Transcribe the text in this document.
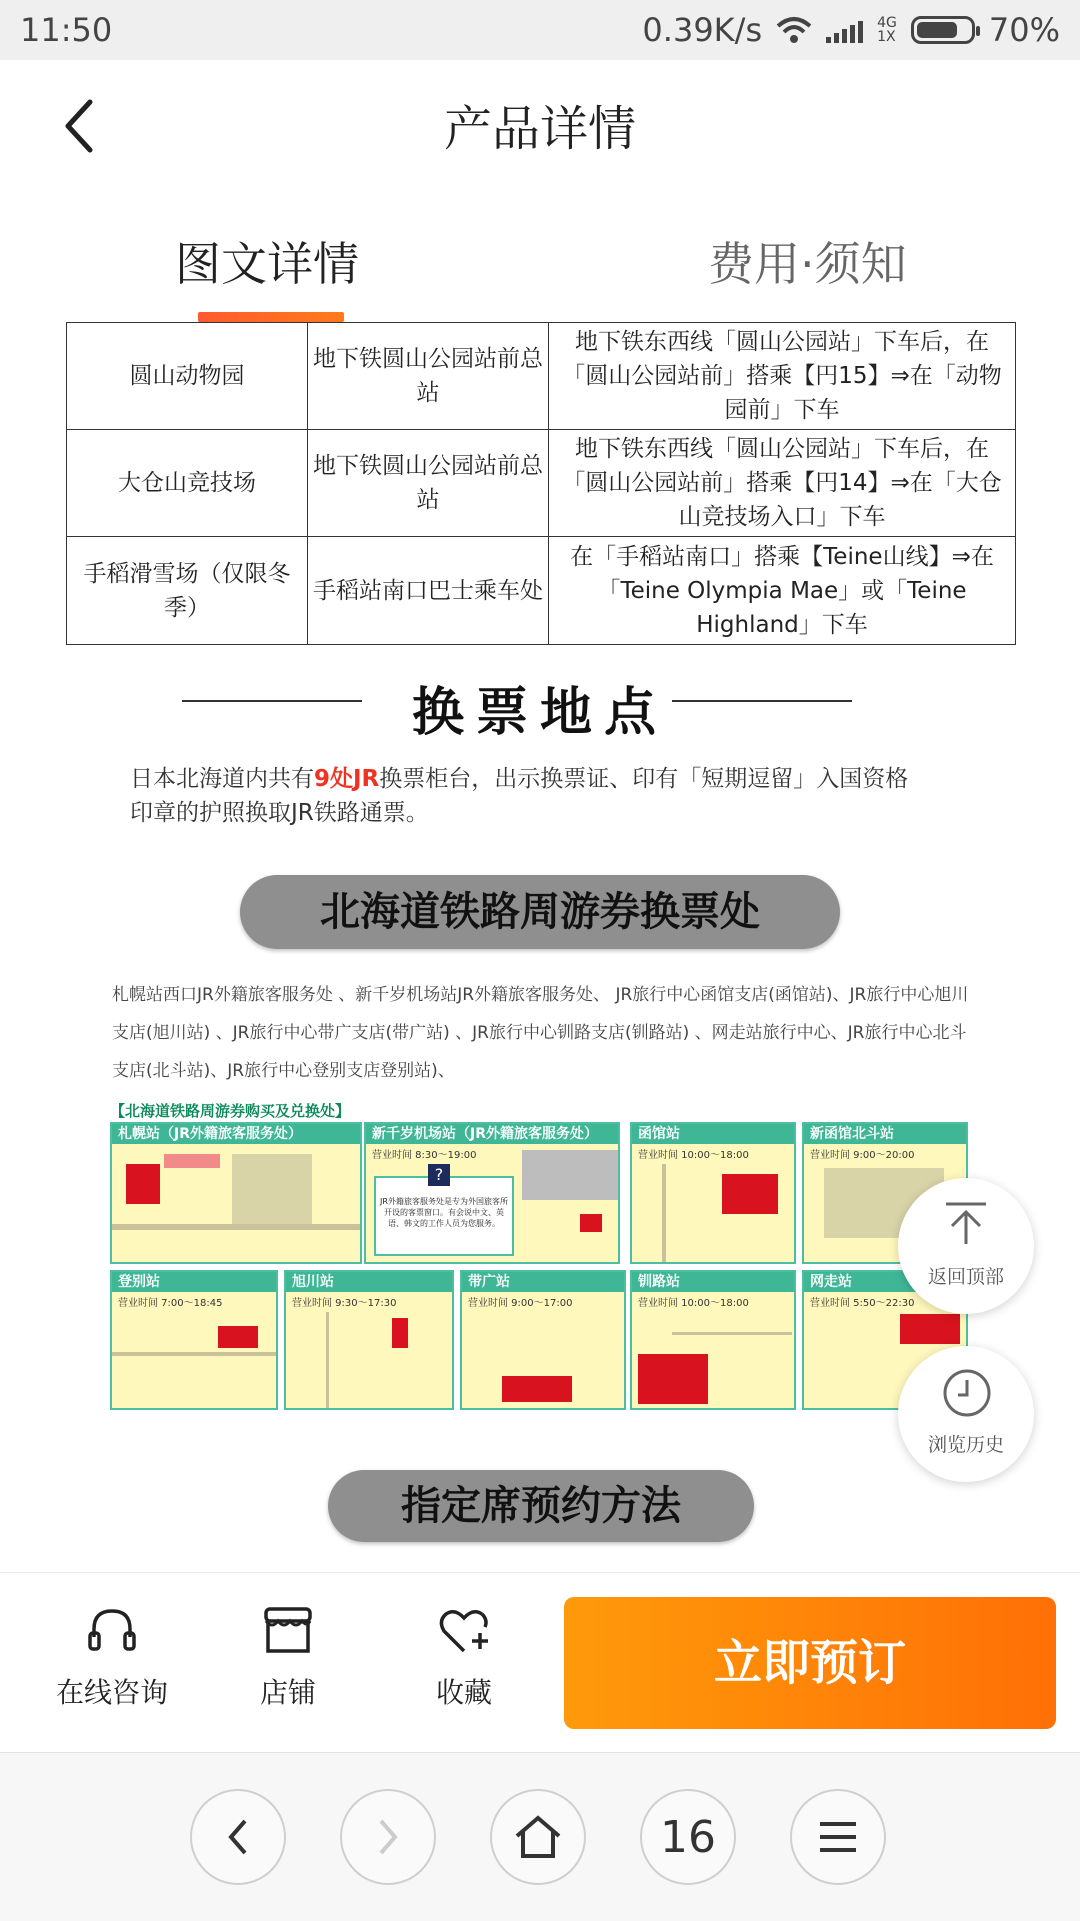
11:50	0.39K/s	4G
1X	70%
产品详情
图文详情	费用·须知
圆山动物园	地下铁圆山公园站前总站	地下铁东西线「圆山公园站」下车后，在「圆山公园站前」搭乘【円15】⇒在「动物园前」下车
大仓山竞技场	地下铁圆山公园站前总站	地下铁东西线「圆山公园站」下车后，在「圆山公园站前」搭乘【円14】⇒在「大仓山竞技场入口」下车
手稻滑雪场（仅限冬季）	手稻站南口巴士乘车处	在「手稻站南口」搭乘【Teine山线】⇒在「Teine Olympia Mae」或「Teine Highland」下车
换票地点
日本北海道内共有9处JR换票柜台，出示换票证、印有「短期逗留」入国资格印章的护照换取JR铁路通票。
北海道铁路周游券换票处
札幌站西口JR外籍旅客服务处 、新千岁机场站JR外籍旅客服务处、 JR旅行中心函馆支店(函馆站)、JR旅行中心旭川支店(旭川站) 、JR旅行中心带广支店(带广站) 、JR旅行中心钏路支店(钏路站) 、网走站旅行中心、JR旅行中心北斗支店(北斗站)、JR旅行中心登别支店登别站)、
【北海道铁路周游券购买及兑换处】
札幌站（JR外籍旅客服务处）	新千岁机场站（JR外籍旅客服务处）
营业时间 8:30～19:00
JR外籍旅客服务处是专为外国旅客所开设的客票窗口。有会说中文、英语、韩文的工作人员为您服务。
?
函馆站
营业时间 10:00～18:00
新函馆北斗站
营业时间 9:00～20:00
登别站
营业时间 7:00～18:45
旭川站
营业时间 9:30～17:30
带广站
营业时间 9:00～17:00
钏路站
营业时间 10:00～18:00
网走站
营业时间 5:50～22:30
指定席预约方法
返回顶部
浏览历史
在线咨询	店铺	收藏
立即预订
16
